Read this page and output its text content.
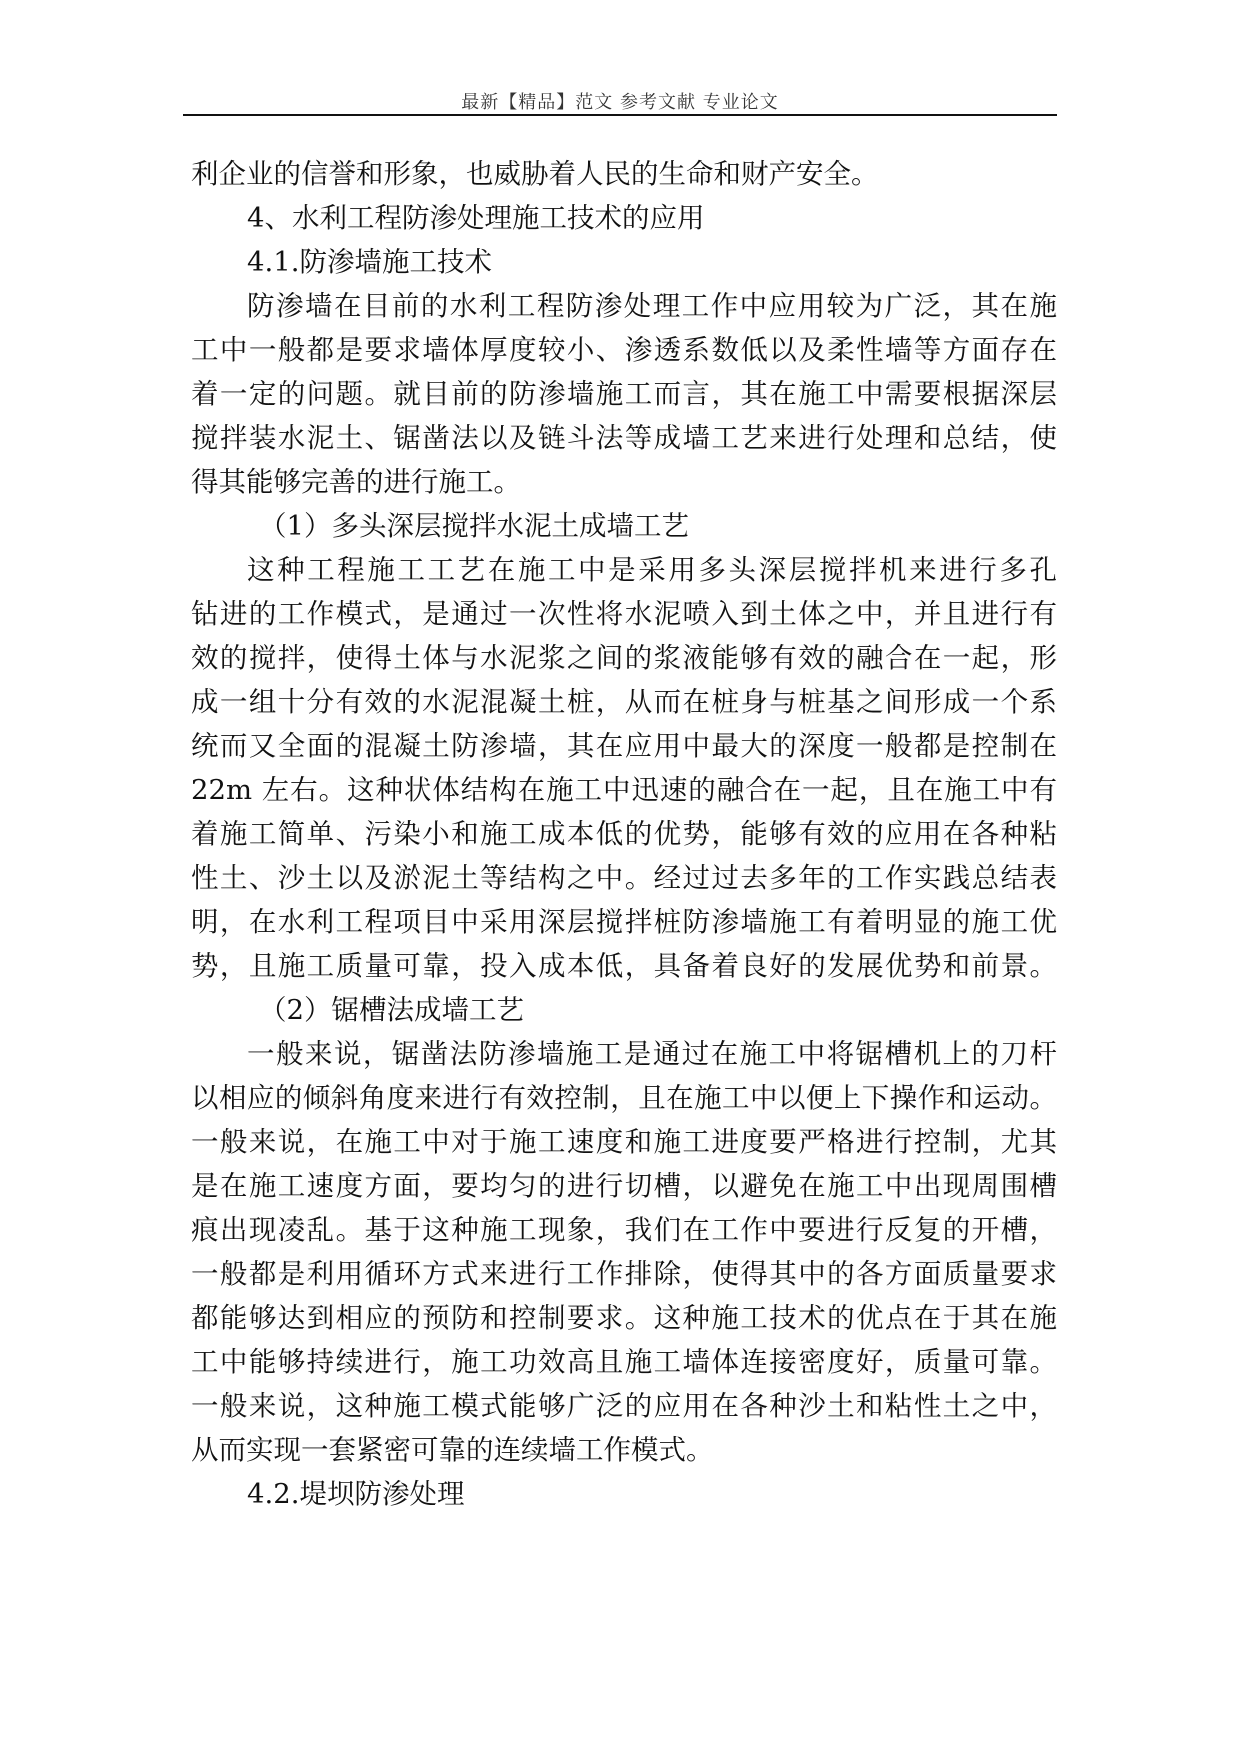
最新【精品】范文 参考文献 专业论文
利企业的信誉和形象，也威胁着人民的生命和财产安全。
4、水利工程防渗处理施工技术的应用
4.1.防渗墙施工技术
防渗墙在目前的水利工程防渗处理工作中应用较为广泛，其在施
工中一般都是要求墙体厚度较小、渗透系数低以及柔性墙等方面存在
着一定的问题。就目前的防渗墙施工而言，其在施工中需要根据深层
搅拌装水泥土、锯凿法以及链斗法等成墙工艺来进行处理和总结，使
得其能够完善的进行施工。
（1）多头深层搅拌水泥土成墙工艺
这种工程施工工艺在施工中是采用多头深层搅拌机来进行多孔
钻进的工作模式，是通过一次性将水泥喷入到土体之中，并且进行有
效的搅拌，使得土体与水泥浆之间的浆液能够有效的融合在一起，形
成一组十分有效的水泥混凝土桩，从而在桩身与桩基之间形成一个系
统而又全面的混凝土防渗墙，其在应用中最大的深度一般都是控制在
22m 左右。这种状体结构在施工中迅速的融合在一起，且在施工中有
着施工简单、污染小和施工成本低的优势，能够有效的应用在各种粘
性土、沙土以及淤泥土等结构之中。经过过去多年的工作实践总结表
明，在水利工程项目中采用深层搅拌桩防渗墙施工有着明显的施工优
势，且施工质量可靠，投入成本低，具备着良好的发展优势和前景。
（2）锯槽法成墙工艺
一般来说，锯凿法防渗墙施工是通过在施工中将锯槽机上的刀杆
以相应的倾斜角度来进行有效控制，且在施工中以便上下操作和运动。
一般来说，在施工中对于施工速度和施工进度要严格进行控制，尤其
是在施工速度方面，要均匀的进行切槽，以避免在施工中出现周围槽
痕出现凌乱。基于这种施工现象，我们在工作中要进行反复的开槽，
一般都是利用循环方式来进行工作排除，使得其中的各方面质量要求
都能够达到相应的预防和控制要求。这种施工技术的优点在于其在施
工中能够持续进行，施工功效高且施工墙体连接密度好，质量可靠。
一般来说，这种施工模式能够广泛的应用在各种沙土和粘性土之中，
从而实现一套紧密可靠的连续墙工作模式。
4.2.堤坝防渗处理
